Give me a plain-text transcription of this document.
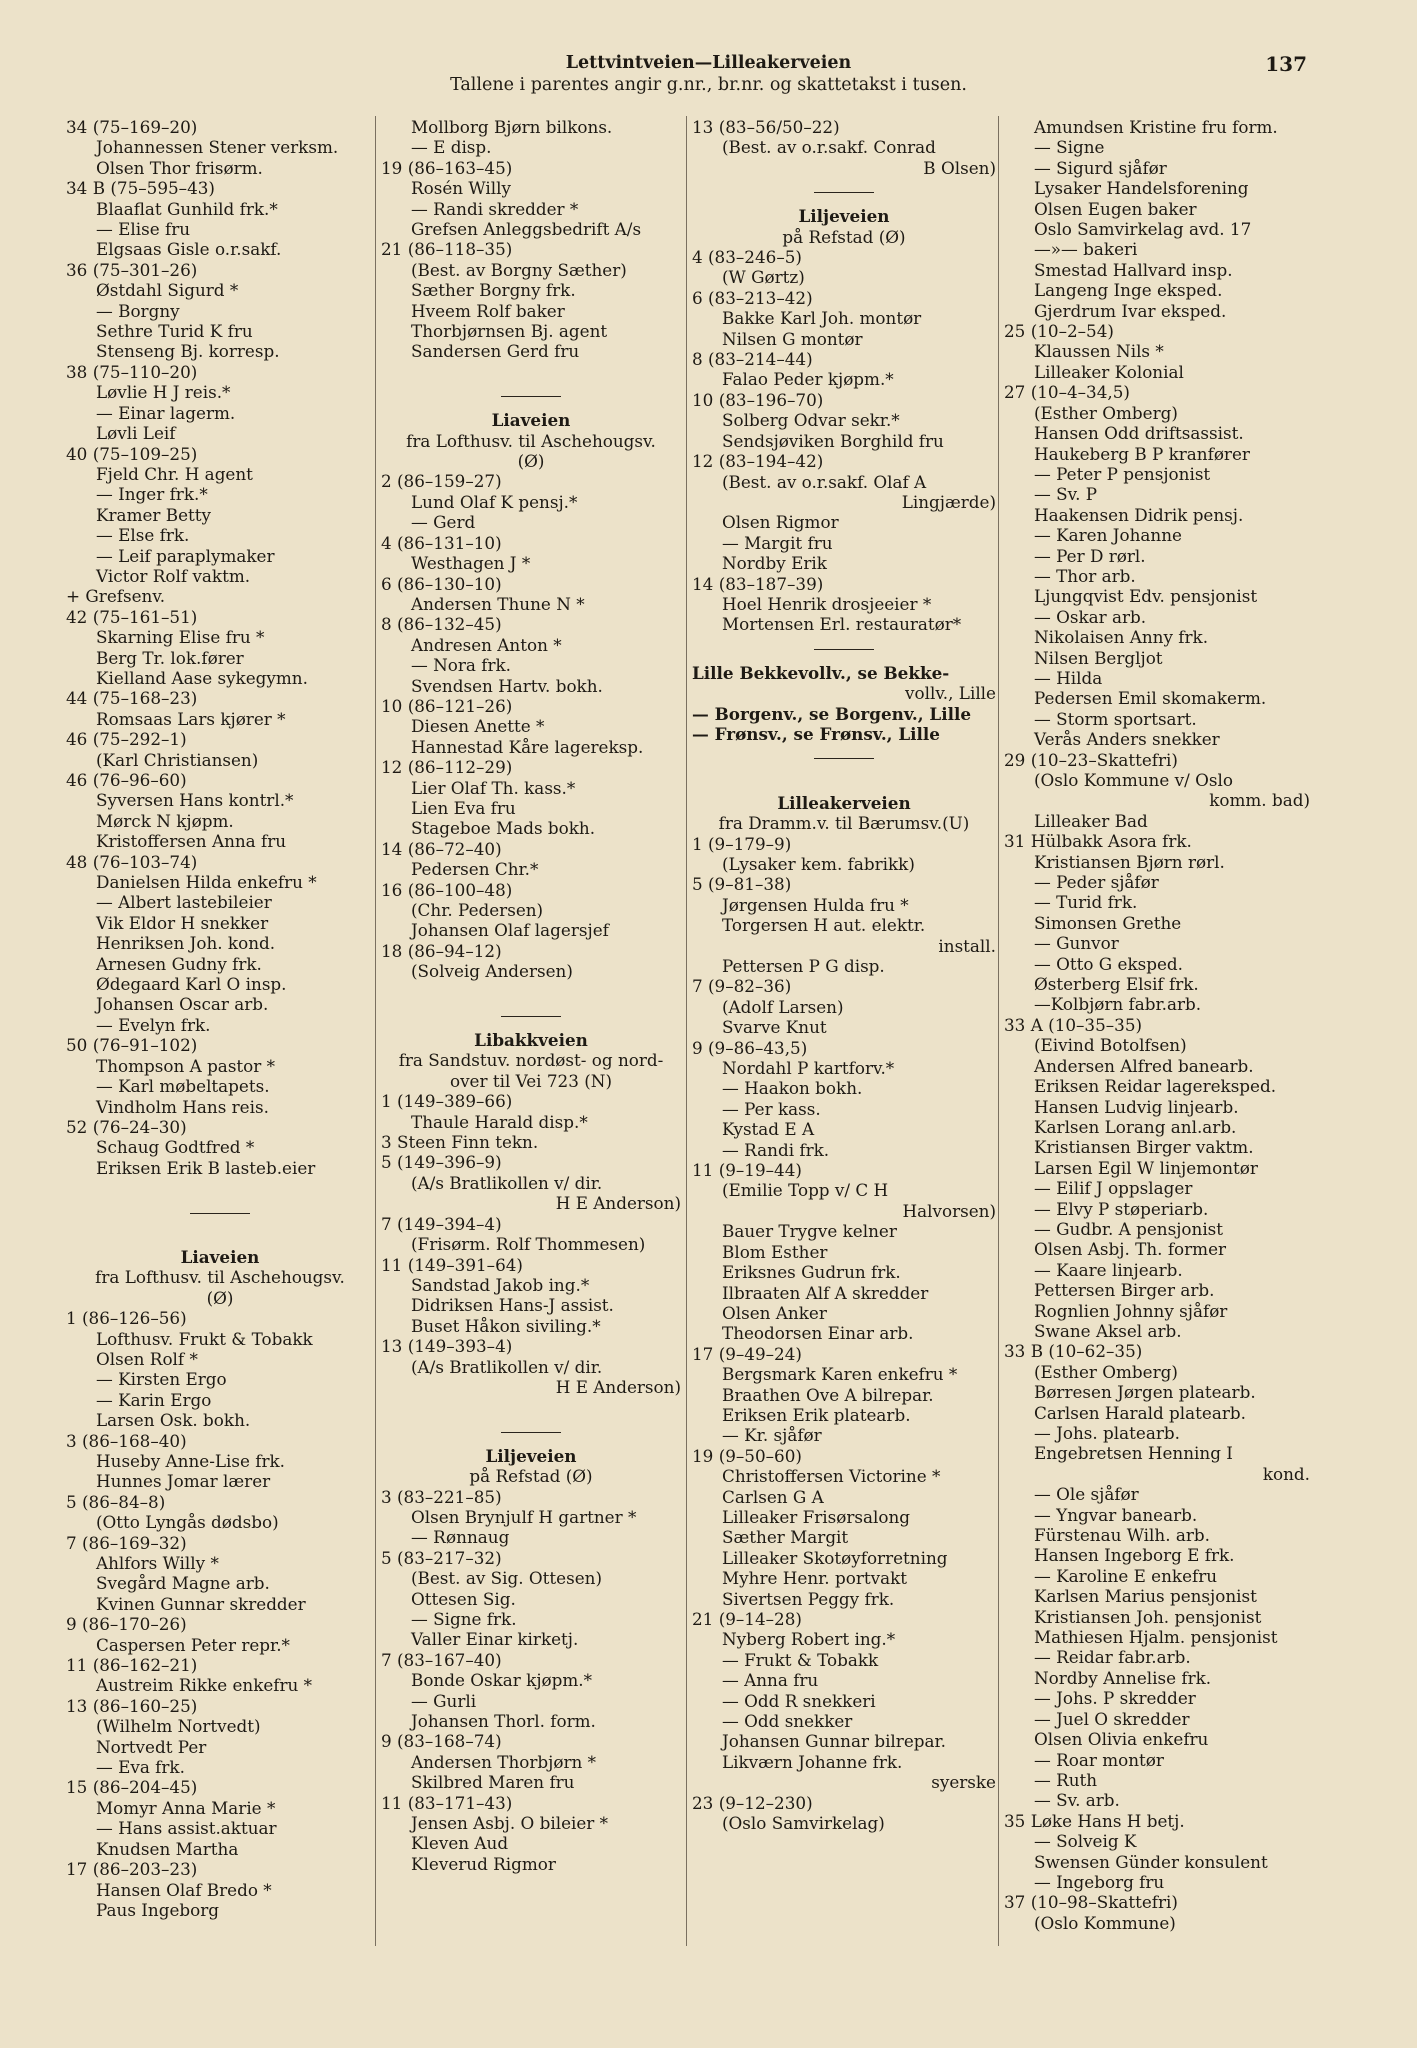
Lettvintveien—Lilleakerveien
Tallene i parentes angir g.nr., br.nr. og skattetakst i tusen.
137
34 (75–169–20)
Johannessen Stener verksm.
Olsen Thor frisørm.
34 B (75–595–43)
Blaaflat Gunhild frk.*
— Elise fru
Elgsaas Gisle o.r.sakf.
36 (75–301–26)
Østdahl Sigurd *
— Borgny
Sethre Turid K fru
Stenseng Bj. korresp.
38 (75–110–20)
Løvlie H J reis.*
— Einar lagerm.
Løvli Leif
40 (75–109–25)
Fjeld Chr. H agent
— Inger frk.*
Kramer Betty
— Else frk.
— Leif paraplymaker
Victor Rolf vaktm.
+ Grefsenv.
42 (75–161–51)
Skarning Elise fru *
Berg Tr. lok.fører
Kielland Aase sykegymn.
44 (75–168–23)
Romsaas Lars kjører *
46 (75–292–1)
(Karl Christiansen)
46 (76–96–60)
Syversen Hans kontrl.*
Mørck N kjøpm.
Kristoffersen Anna fru
48 (76–103–74)
Danielsen Hilda enkefru *
— Albert lastebileier
Vik Eldor H snekker
Henriksen Joh. kond.
Arnesen Gudny frk.
Ødegaard Karl O insp.
Johansen Oscar arb.
— Evelyn frk.
50 (76–91–102)
Thompson A pastor *
— Karl møbeltapets.
Vindholm Hans reis.
52 (76–24–30)
Schaug Godtfred *
Eriksen Erik B lasteb.eier
Liaveien
fra Lofthusv. til Aschehougsv.
(Ø)
1 (86–126–56)
Lofthusv. Frukt & Tobakk
Olsen Rolf *
— Kirsten Ergo
— Karin Ergo
Larsen Osk. bokh.
3 (86–168–40)
Huseby Anne-Lise frk.
Hunnes Jomar lærer
5 (86–84–8)
(Otto Lyngås dødsbo)
7 (86–169–32)
Ahlfors Willy *
Svegård Magne arb.
Kvinen Gunnar skredder
9 (86–170–26)
Caspersen Peter repr.*
11 (86–162–21)
Austreim Rikke enkefru *
13 (86–160–25)
(Wilhelm Nortvedt)
Nortvedt Per
— Eva frk.
15 (86–204–45)
Momyr Anna Marie *
— Hans assist.aktuar
Knudsen Martha
17 (86–203–23)
Hansen Olaf Bredo *
Paus Ingeborg
Mollborg Bjørn bilkons.
— E disp.
19 (86–163–45)
Rosén Willy
— Randi skredder *
Grefsen Anleggsbedrift A/s
21 (86–118–35)
(Best. av Borgny Sæther)
Sæther Borgny frk.
Hveem Rolf baker
Thorbjørnsen Bj. agent
Sandersen Gerd fru
Liaveien
fra Lofthusv. til Aschehougsv.
(Ø)
2 (86–159–27)
Lund Olaf K pensj.*
— Gerd
4 (86–131–10)
Westhagen J *
6 (86–130–10)
Andersen Thune N *
8 (86–132–45)
Andresen Anton *
— Nora frk.
Svendsen Hartv. bokh.
10 (86–121–26)
Diesen Anette *
Hannestad Kåre lagereksp.
12 (86–112–29)
Lier Olaf Th. kass.*
Lien Eva fru
Stageboe Mads bokh.
14 (86–72–40)
Pedersen Chr.*
16 (86–100–48)
(Chr. Pedersen)
Johansen Olaf lagersjef
18 (86–94–12)
(Solveig Andersen)
Libakkveien
fra Sandstuv. nordøst- og nord-
over til Vei 723 (N)
1 (149–389–66)
Thaule Harald disp.*
3 Steen Finn tekn.
5 (149–396–9)
(A/s Bratlikollen v/ dir.
H E Anderson)
7 (149–394–4)
(Frisørm. Rolf Thommesen)
11 (149–391–64)
Sandstad Jakob ing.*
Didriksen Hans-J assist.
Buset Håkon siviling.*
13 (149–393–4)
(A/s Bratlikollen v/ dir.
H E Anderson)
Liljeveien
på Refstad (Ø)
3 (83–221–85)
Olsen Brynjulf H gartner *
— Rønnaug
5 (83–217–32)
(Best. av Sig. Ottesen)
Ottesen Sig.
— Signe frk.
Valler Einar kirketj.
7 (83–167–40)
Bonde Oskar kjøpm.*
— Gurli
Johansen Thorl. form.
9 (83–168–74)
Andersen Thorbjørn *
Skilbred Maren fru
11 (83–171–43)
Jensen Asbj. O bileier *
Kleven Aud
Kleverud Rigmor
13 (83–56/50–22)
(Best. av o.r.sakf. Conrad
B Olsen)
Liljeveien
på Refstad (Ø)
4 (83–246–5)
(W Gørtz)
6 (83–213–42)
Bakke Karl Joh. montør
Nilsen G montør
8 (83–214–44)
Falao Peder kjøpm.*
10 (83–196–70)
Solberg Odvar sekr.*
Sendsjøviken Borghild fru
12 (83–194–42)
(Best. av o.r.sakf. Olaf A
Lingjærde)
Olsen Rigmor
— Margit fru
Nordby Erik
14 (83–187–39)
Hoel Henrik drosjeeier *
Mortensen Erl. restauratør*
Lille Bekkevollv., se Bekke-
vollv., Lille
— Borgenv., se Borgenv., Lille
— Frønsv., se Frønsv., Lille
Lilleakerveien
fra Dramm.v. til Bærumsv.(U)
1 (9–179–9)
(Lysaker kem. fabrikk)
5 (9–81–38)
Jørgensen Hulda fru *
Torgersen H aut. elektr.
install.
Pettersen P G disp.
7 (9–82–36)
(Adolf Larsen)
Svarve Knut
9 (9–86–43,5)
Nordahl P kartforv.*
— Haakon bokh.
— Per kass.
Kystad E A
— Randi frk.
11 (9–19–44)
(Emilie Topp v/ C H
Halvorsen)
Bauer Trygve kelner
Blom Esther
Eriksnes Gudrun frk.
Ilbraaten Alf A skredder
Olsen Anker
Theodorsen Einar arb.
17 (9–49–24)
Bergsmark Karen enkefru *
Braathen Ove A bilrepar.
Eriksen Erik platearb.
— Kr. sjåfør
19 (9–50–60)
Christoffersen Victorine *
Carlsen G A
Lilleaker Frisørsalong
Sæther Margit
Lilleaker Skotøyforretning
Myhre Henr. portvakt
Sivertsen Peggy frk.
21 (9–14–28)
Nyberg Robert ing.*
— Frukt & Tobakk
— Anna fru
— Odd R snekkeri
— Odd snekker
Johansen Gunnar bilrepar.
Likværn Johanne frk.
syerske
23 (9–12–230)
(Oslo Samvirkelag)
Amundsen Kristine fru form.
— Signe
— Sigurd sjåfør
Lysaker Handelsforening
Olsen Eugen baker
Oslo Samvirkelag avd. 17
—»— bakeri
Smestad Hallvard insp.
Langeng Inge eksped.
Gjerdrum Ivar eksped.
25 (10–2–54)
Klaussen Nils *
Lilleaker Kolonial
27 (10–4–34,5)
(Esther Omberg)
Hansen Odd driftsassist.
Haukeberg B P kranfører
— Peter P pensjonist
— Sv. P
Haakensen Didrik pensj.
— Karen Johanne
— Per D rørl.
— Thor arb.
Ljungqvist Edv. pensjonist
— Oskar arb.
Nikolaisen Anny frk.
Nilsen Bergljot
— Hilda
Pedersen Emil skomakerm.
— Storm sportsart.
Verås Anders snekker
29 (10–23–Skattefri)
(Oslo Kommune v/ Oslo
komm. bad)
Lilleaker Bad
31 Hülbakk Asora frk.
Kristiansen Bjørn rørl.
— Peder sjåfør
— Turid frk.
Simonsen Grethe
— Gunvor
— Otto G eksped.
Østerberg Elsif frk.
—Kolbjørn fabr.arb.
33 A (10–35–35)
(Eivind Botolfsen)
Andersen Alfred banearb.
Eriksen Reidar lagereksped.
Hansen Ludvig linjearb.
Karlsen Lorang anl.arb.
Kristiansen Birger vaktm.
Larsen Egil W linjemontør
— Eilif J oppslager
— Elvy P støperiarb.
— Gudbr. A pensjonist
Olsen Asbj. Th. former
— Kaare linjearb.
Pettersen Birger arb.
Rognlien Johnny sjåfør
Swane Aksel arb.
33 B (10–62–35)
(Esther Omberg)
Børresen Jørgen platearb.
Carlsen Harald platearb.
— Johs. platearb.
Engebretsen Henning I
kond.
— Ole sjåfør
— Yngvar banearb.
Fürstenau Wilh. arb.
Hansen Ingeborg E frk.
— Karoline E enkefru
Karlsen Marius pensjonist
Kristiansen Joh. pensjonist
Mathiesen Hjalm. pensjonist
— Reidar fabr.arb.
Nordby Annelise frk.
— Johs. P skredder
— Juel O skredder
Olsen Olivia enkefru
— Roar montør
— Ruth
— Sv. arb.
35 Løke Hans H betj.
— Solveig K
Swensen Günder konsulent
— Ingeborg fru
37 (10–98–Skattefri)
(Oslo Kommune)
